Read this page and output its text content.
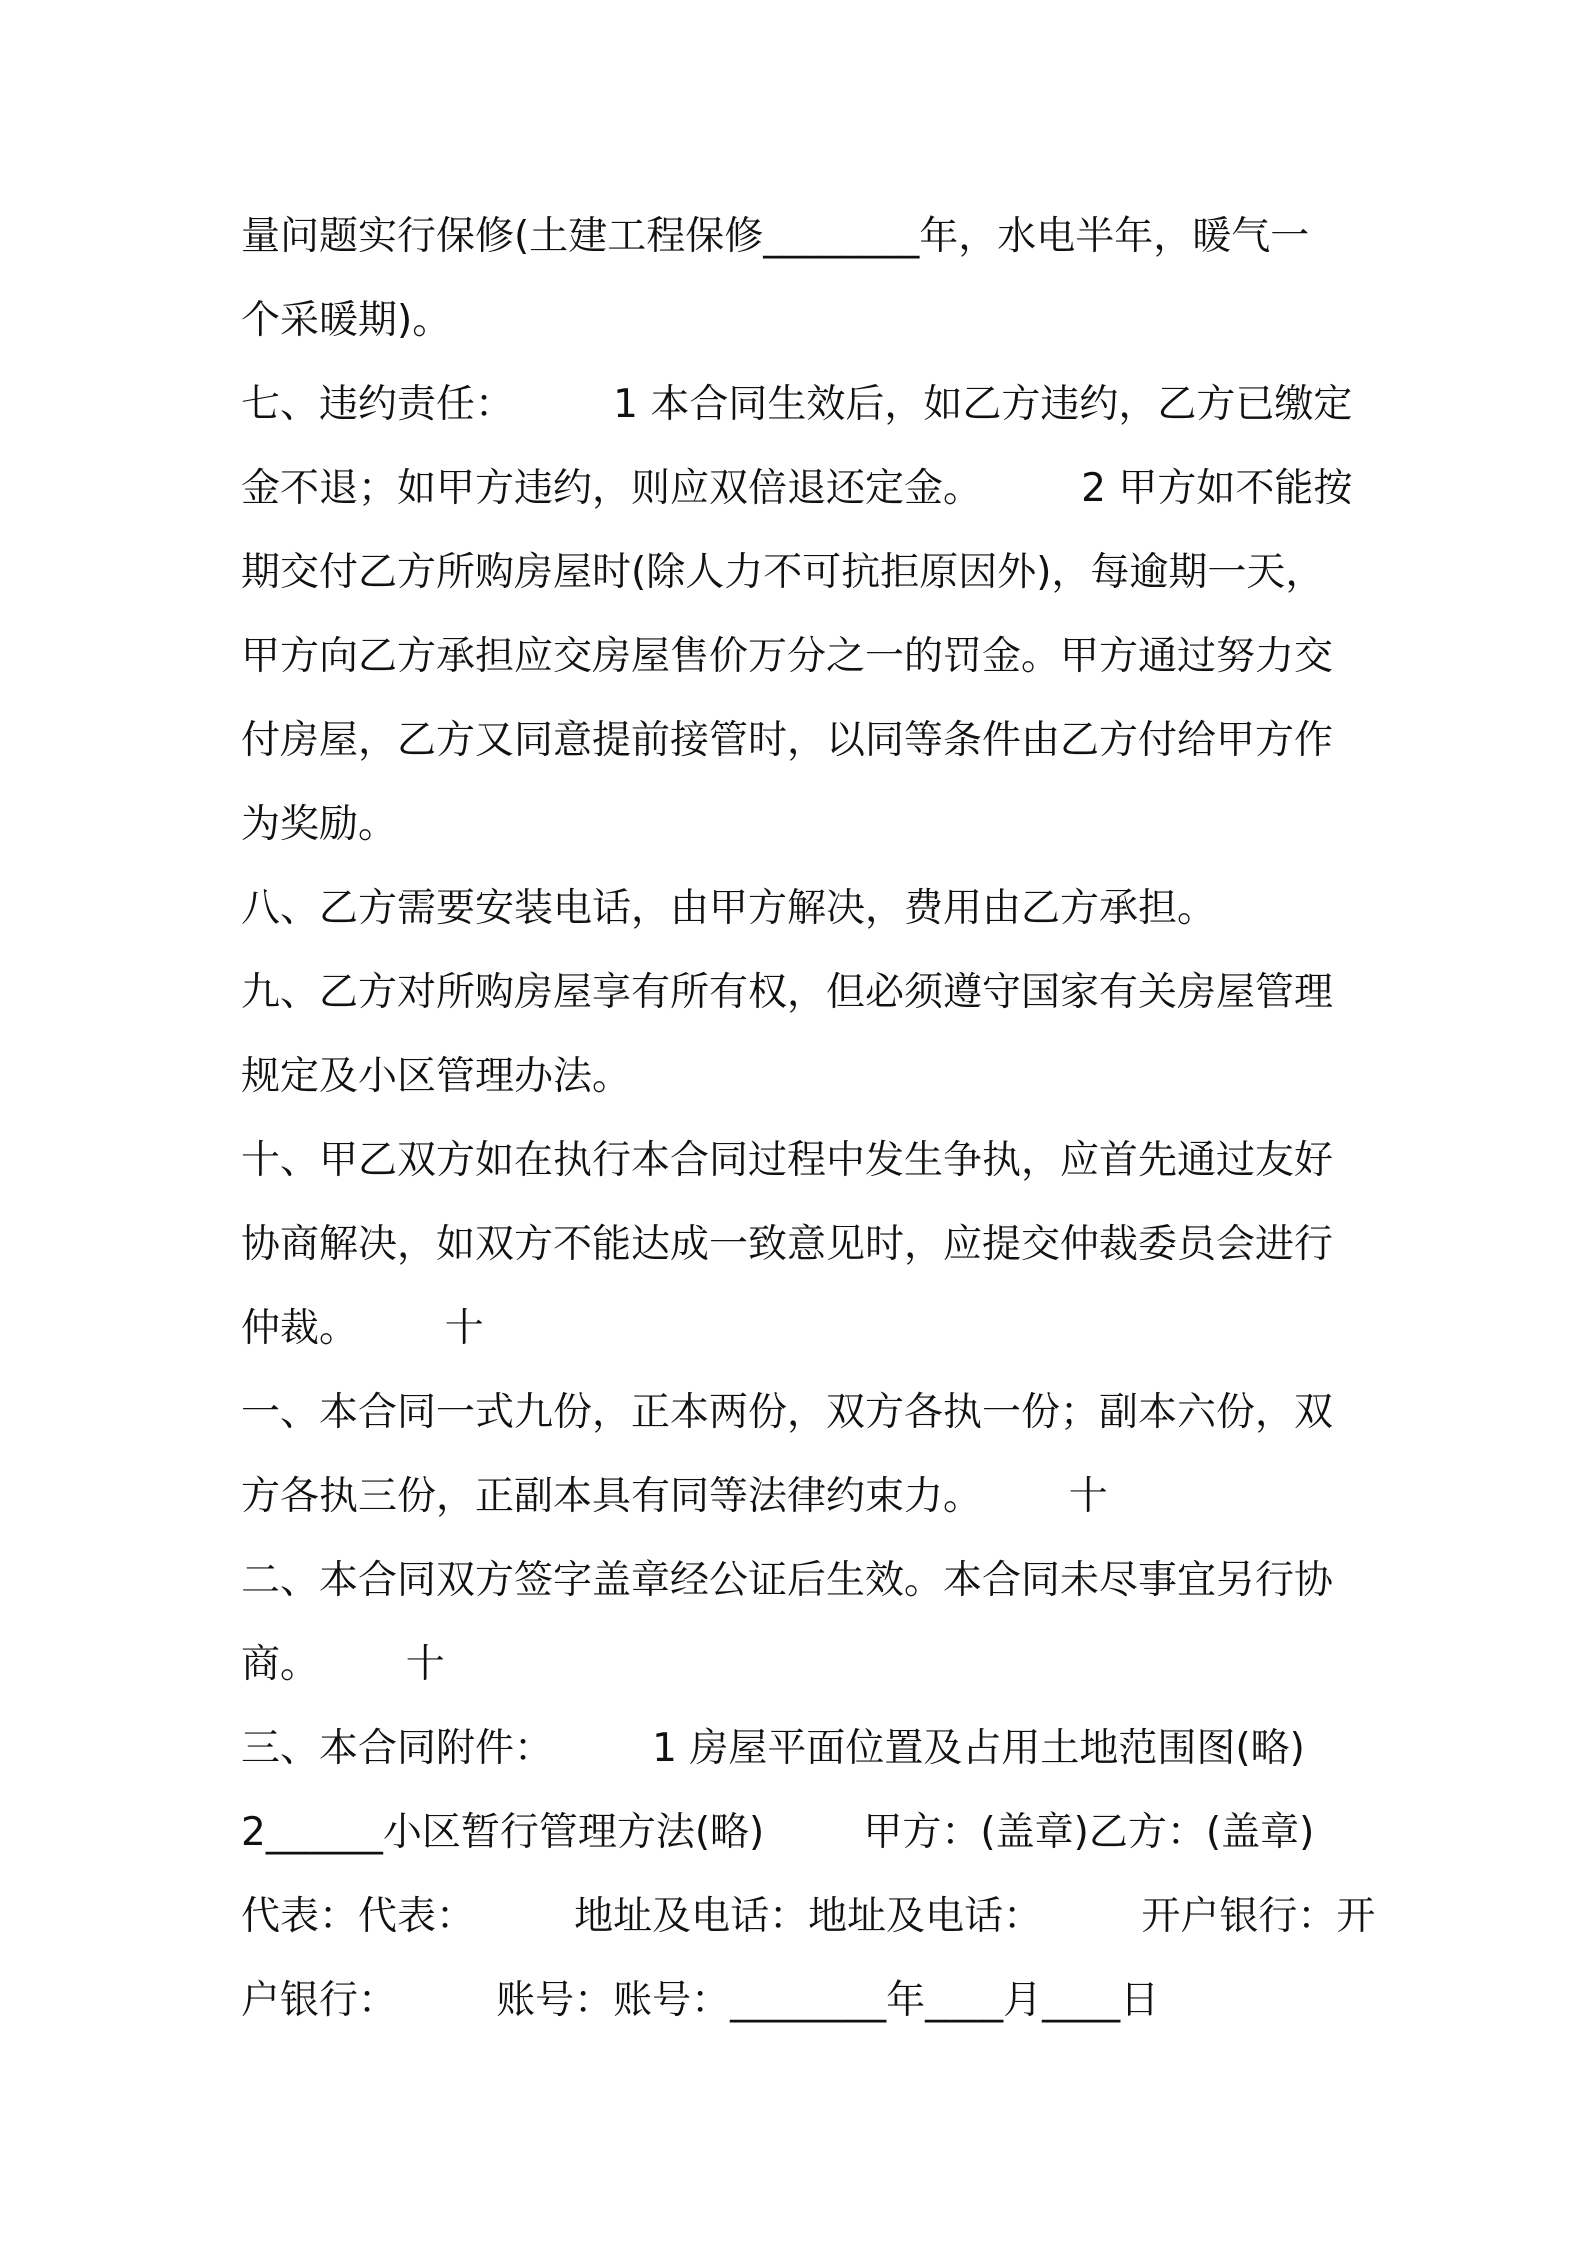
量问题实行保修(土建工程保修________年，水电半年，暖气一
个采暖期)。
七、违约责任：        1 本合同生效后，如乙方违约，乙方已缴定
金不退；如甲方违约，则应双倍退还定金。        2 甲方如不能按
期交付乙方所购房屋时(除人力不可抗拒原因外)，每逾期一天，
甲方向乙方承担应交房屋售价万分之一的罚金。甲方通过努力交
付房屋，乙方又同意提前接管时，以同等条件由乙方付给甲方作
为奖励。
八、乙方需要安装电话，由甲方解决，费用由乙方承担。
九、乙方对所购房屋享有所有权，但必须遵守国家有关房屋管理
规定及小区管理办法。
十、甲乙双方如在执行本合同过程中发生争执，应首先通过友好
协商解决，如双方不能达成一致意见时，应提交仲裁委员会进行
仲裁。       十
一、本合同一式九份，正本两份，双方各执一份；副本六份，双
方各执三份，正副本具有同等法律约束力。       十
二、本合同双方签字盖章经公证后生效。本合同未尽事宜另行协
商。       十
三、本合同附件：        1 房屋平面位置及占用土地范围图(略)
2______小区暂行管理方法(略)        甲方：(盖章)乙方：(盖章)
代表：代表：        地址及电话：地址及电话：        开户银行：开
户银行：        账号：账号：________年____月____日
